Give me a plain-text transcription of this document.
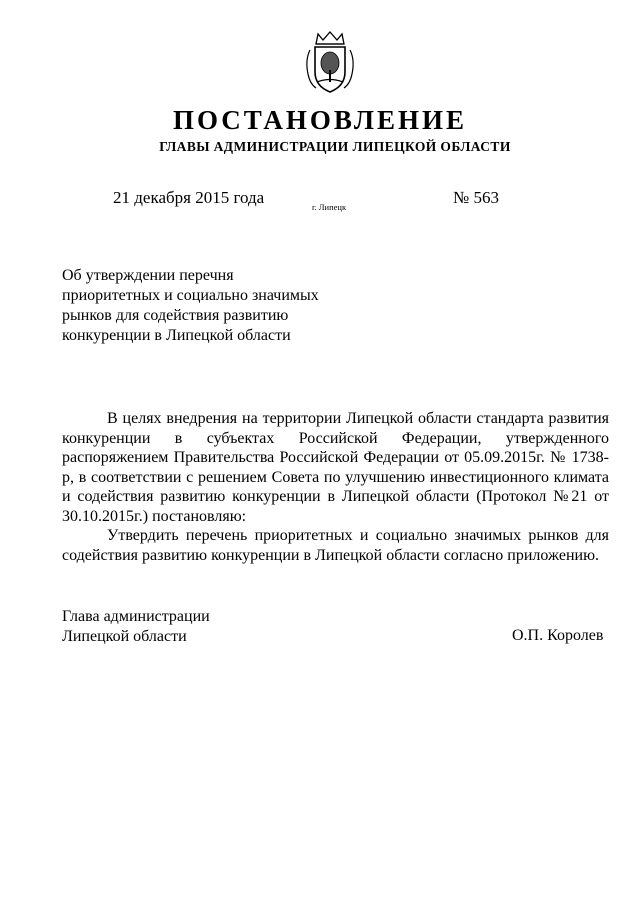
ПОСТАНОВЛЕНИЕ
ГЛАВЫ АДМИНИСТРАЦИИ ЛИПЕЦКОЙ ОБЛАСТИ
21 декабря 2015 года	г. Липецк	№ 563
Об утверждении перечня
приоритетных и социально значимых
рынков для содействия развитию
конкуренции в Липецкой области

В целях внедрения на территории Липецкой области стандарта развития конкуренции в субъектах Российской Федерации, утвержденного распоряжением Правительства Российской Федерации от 05.09.2015г. № 1738-р, в соответствии с решением Совета по улучшению инвестиционного климата и содействия развитию конкуренции в Липецкой области (Протокол №21 от 30.10.2015г.) постановляю:

Утвердить перечень приоритетных и социально значимых рынков для содействия развитию конкуренции в Липецкой области согласно приложению.

Глава администрации
Липецкой области	О.П. Королев
